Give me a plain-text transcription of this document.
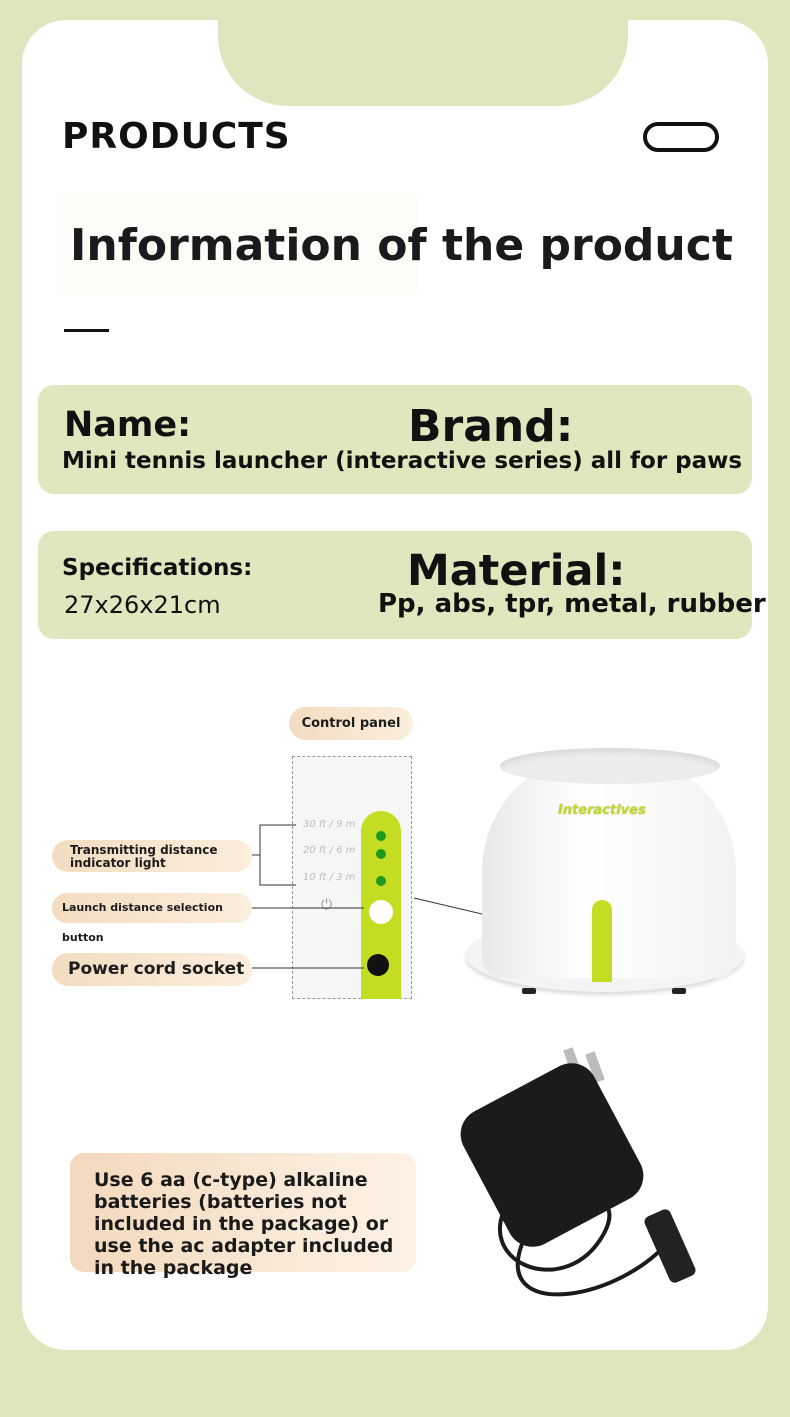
PRODUCTS
Information of the product
Name:	Brand:
Mini tennis launcher (interactive series) all for paws
Specifications:
27x26x21cm
Material:
Pp, abs, tpr, metal, rubber
Control panel
30 ft / 9 m
20 ft / 6 m
10 ft / 3 m
⏻
Transmitting distance indicator light
Launch distance selection button
Power cord socket
Interactives
Use 6 aa (c-type) alkaline batteries (batteries not included in the package) or use the ac adapter included in the package
